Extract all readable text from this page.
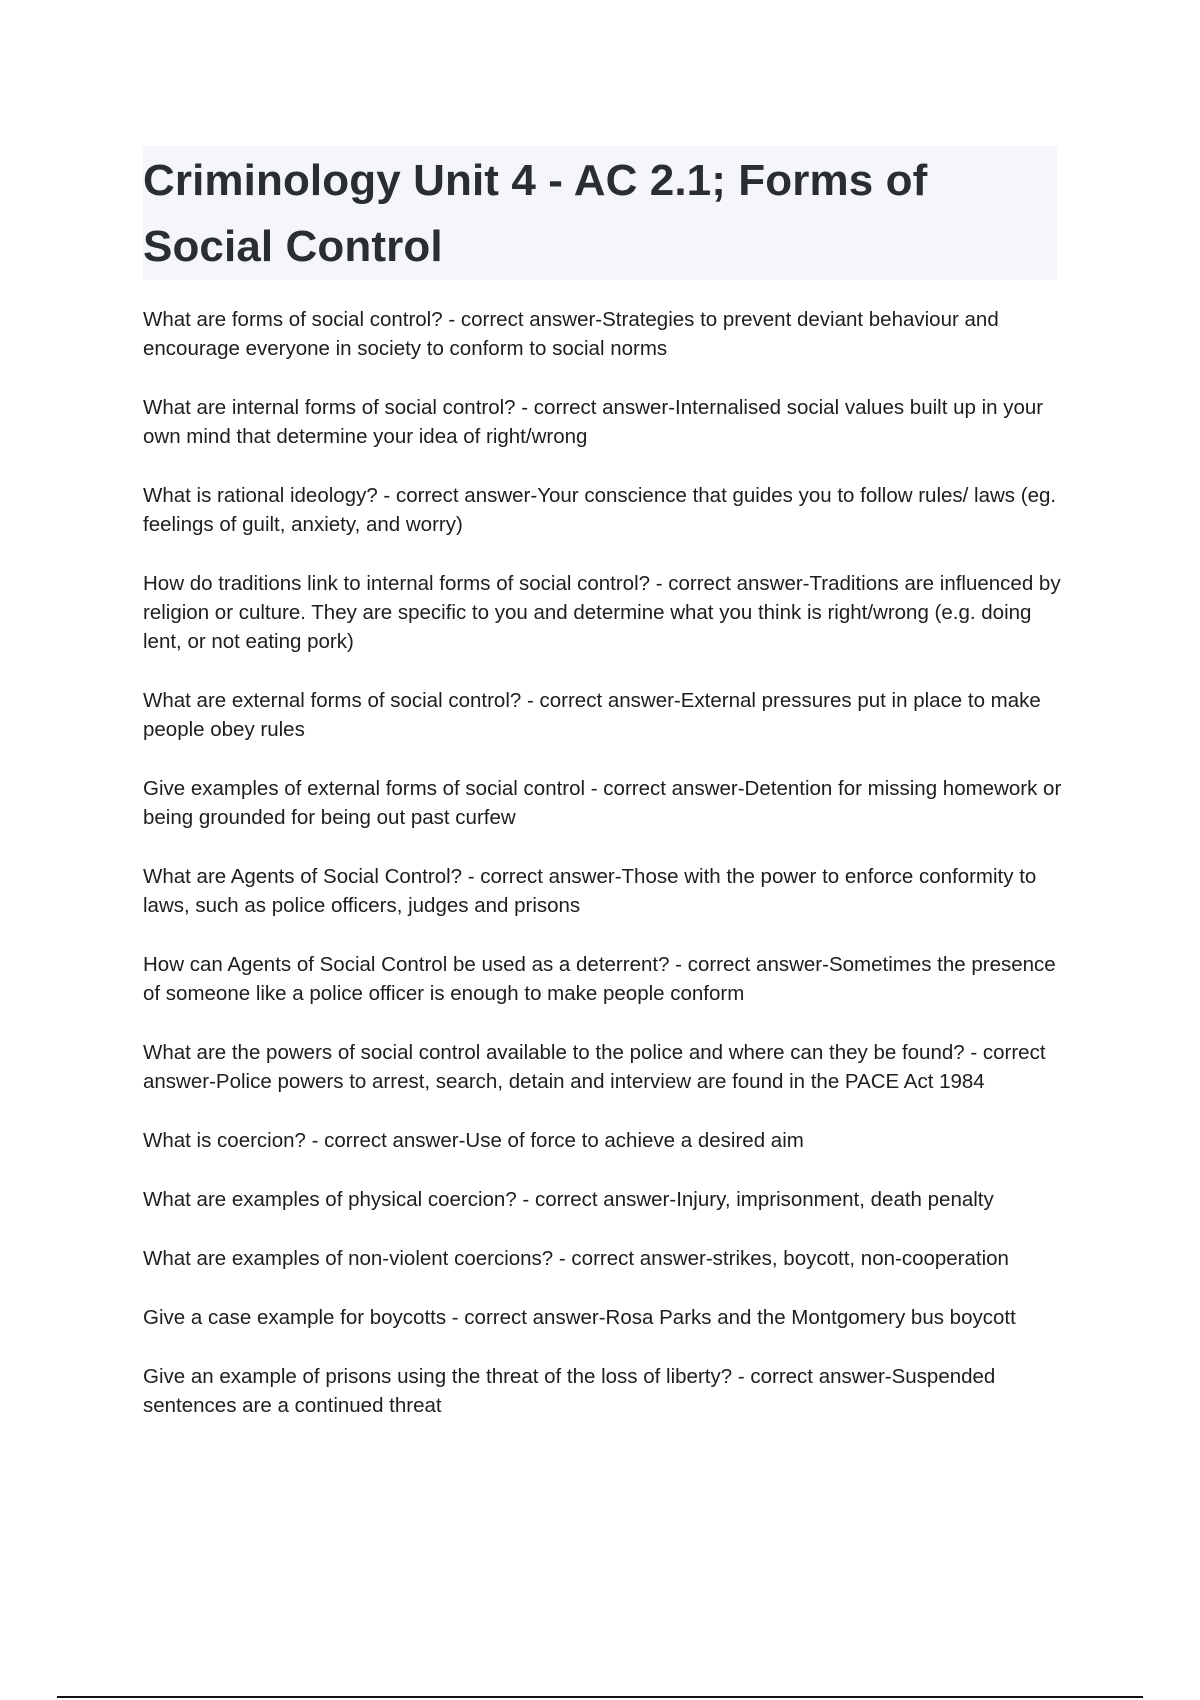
Criminology Unit 4 - AC 2.1; Forms of Social Control

What are forms of social control? - correct answer-Strategies to prevent deviant behaviour and encourage everyone in society to conform to social norms

What are internal forms of social control? - correct answer-Internalised social values built up in your own mind that determine your idea of right/wrong

What is rational ideology? - correct answer-Your conscience that guides you to follow rules/ laws (eg. feelings of guilt, anxiety, and worry)

How do traditions link to internal forms of social control? - correct answer-Traditions are influenced by religion or culture. They are specific to you and determine what you think is right/wrong (e.g. doing lent, or not eating pork)

What are external forms of social control? - correct answer-External pressures put in place to make people obey rules

Give examples of external forms of social control - correct answer-Detention for missing homework or being grounded for being out past curfew

What are Agents of Social Control? - correct answer-Those with the power to enforce conformity to laws, such as police officers, judges and prisons

How can Agents of Social Control be used as a deterrent? - correct answer-Sometimes the presence of someone like a police officer is enough to make people conform

What are the powers of social control available to the police and where can they be found? - correct answer-Police powers to arrest, search, detain and interview are found in the PACE Act 1984

What is coercion? - correct answer-Use of force to achieve a desired aim

What are examples of physical coercion? - correct answer-Injury, imprisonment, death penalty

What are examples of non-violent coercions? - correct answer-strikes, boycott, non-cooperation

Give a case example for boycotts - correct answer-Rosa Parks and the Montgomery bus boycott

Give an example of prisons using the threat of the loss of liberty? - correct answer-Suspended sentences are a continued threat
